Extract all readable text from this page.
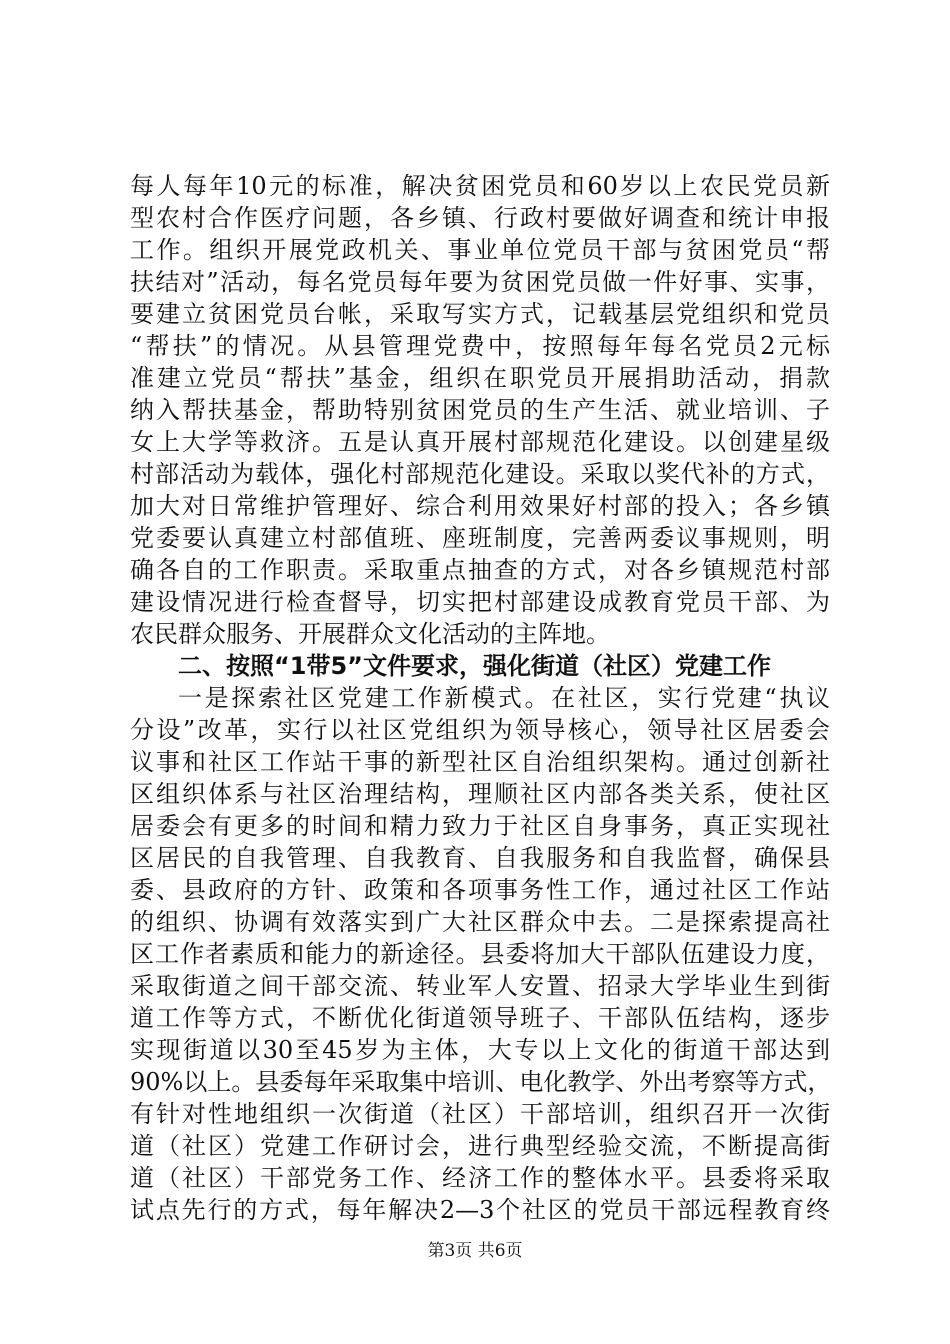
每人每年10元的标准，解决贫困党员和60岁以上农民党员新
型农村合作医疗问题，各乡镇、行政村要做好调查和统计申报
工作。组织开展党政机关、事业单位党员干部与贫困党员“帮
扶结对”活动，每名党员每年要为贫困党员做一件好事、实事，
要建立贫困党员台帐，采取写实方式，记载基层党组织和党员
“帮扶”的情况。从县管理党费中，按照每年每名党员2元标
准建立党员“帮扶”基金，组织在职党员开展捐助活动，捐款
纳入帮扶基金，帮助特别贫困党员的生产生活、就业培训、子
女上大学等救济。五是认真开展村部规范化建设。以创建星级
村部活动为载体，强化村部规范化建设。采取以奖代补的方式，
加大对日常维护管理好、综合利用效果好村部的投入；各乡镇
党委要认真建立村部值班、座班制度，完善两委议事规则，明
确各自的工作职责。采取重点抽查的方式，对各乡镇规范村部
建设情况进行检查督导，切实把村部建设成教育党员干部、为
农民群众服务、开展群众文化活动的主阵地。
二、按照“1带5”文件要求，强化街道（社区）党建工作
一是探索社区党建工作新模式。在社区，实行党建“执议
分设”改革，实行以社区党组织为领导核心，领导社区居委会
议事和社区工作站干事的新型社区自治组织架构。通过创新社
区组织体系与社区治理结构，理顺社区内部各类关系，使社区
居委会有更多的时间和精力致力于社区自身事务，真正实现社
区居民的自我管理、自我教育、自我服务和自我监督，确保县
委、县政府的方针、政策和各项事务性工作，通过社区工作站
的组织、协调有效落实到广大社区群众中去。二是探索提高社
区工作者素质和能力的新途径。县委将加大干部队伍建设力度，
采取街道之间干部交流、转业军人安置、招录大学毕业生到街
道工作等方式，不断优化街道领导班子、干部队伍结构，逐步
实现街道以30至45岁为主体，大专以上文化的街道干部达到
90%以上。县委每年采取集中培训、电化教学、外出考察等方式，
有针对性地组织一次街道（社区）干部培训，组织召开一次街
道（社区）党建工作研讨会，进行典型经验交流，不断提高街
道（社区）干部党务工作、经济工作的整体水平。县委将采取
试点先行的方式，每年解决2—3个社区的党员干部远程教育终
第3页 共6页
